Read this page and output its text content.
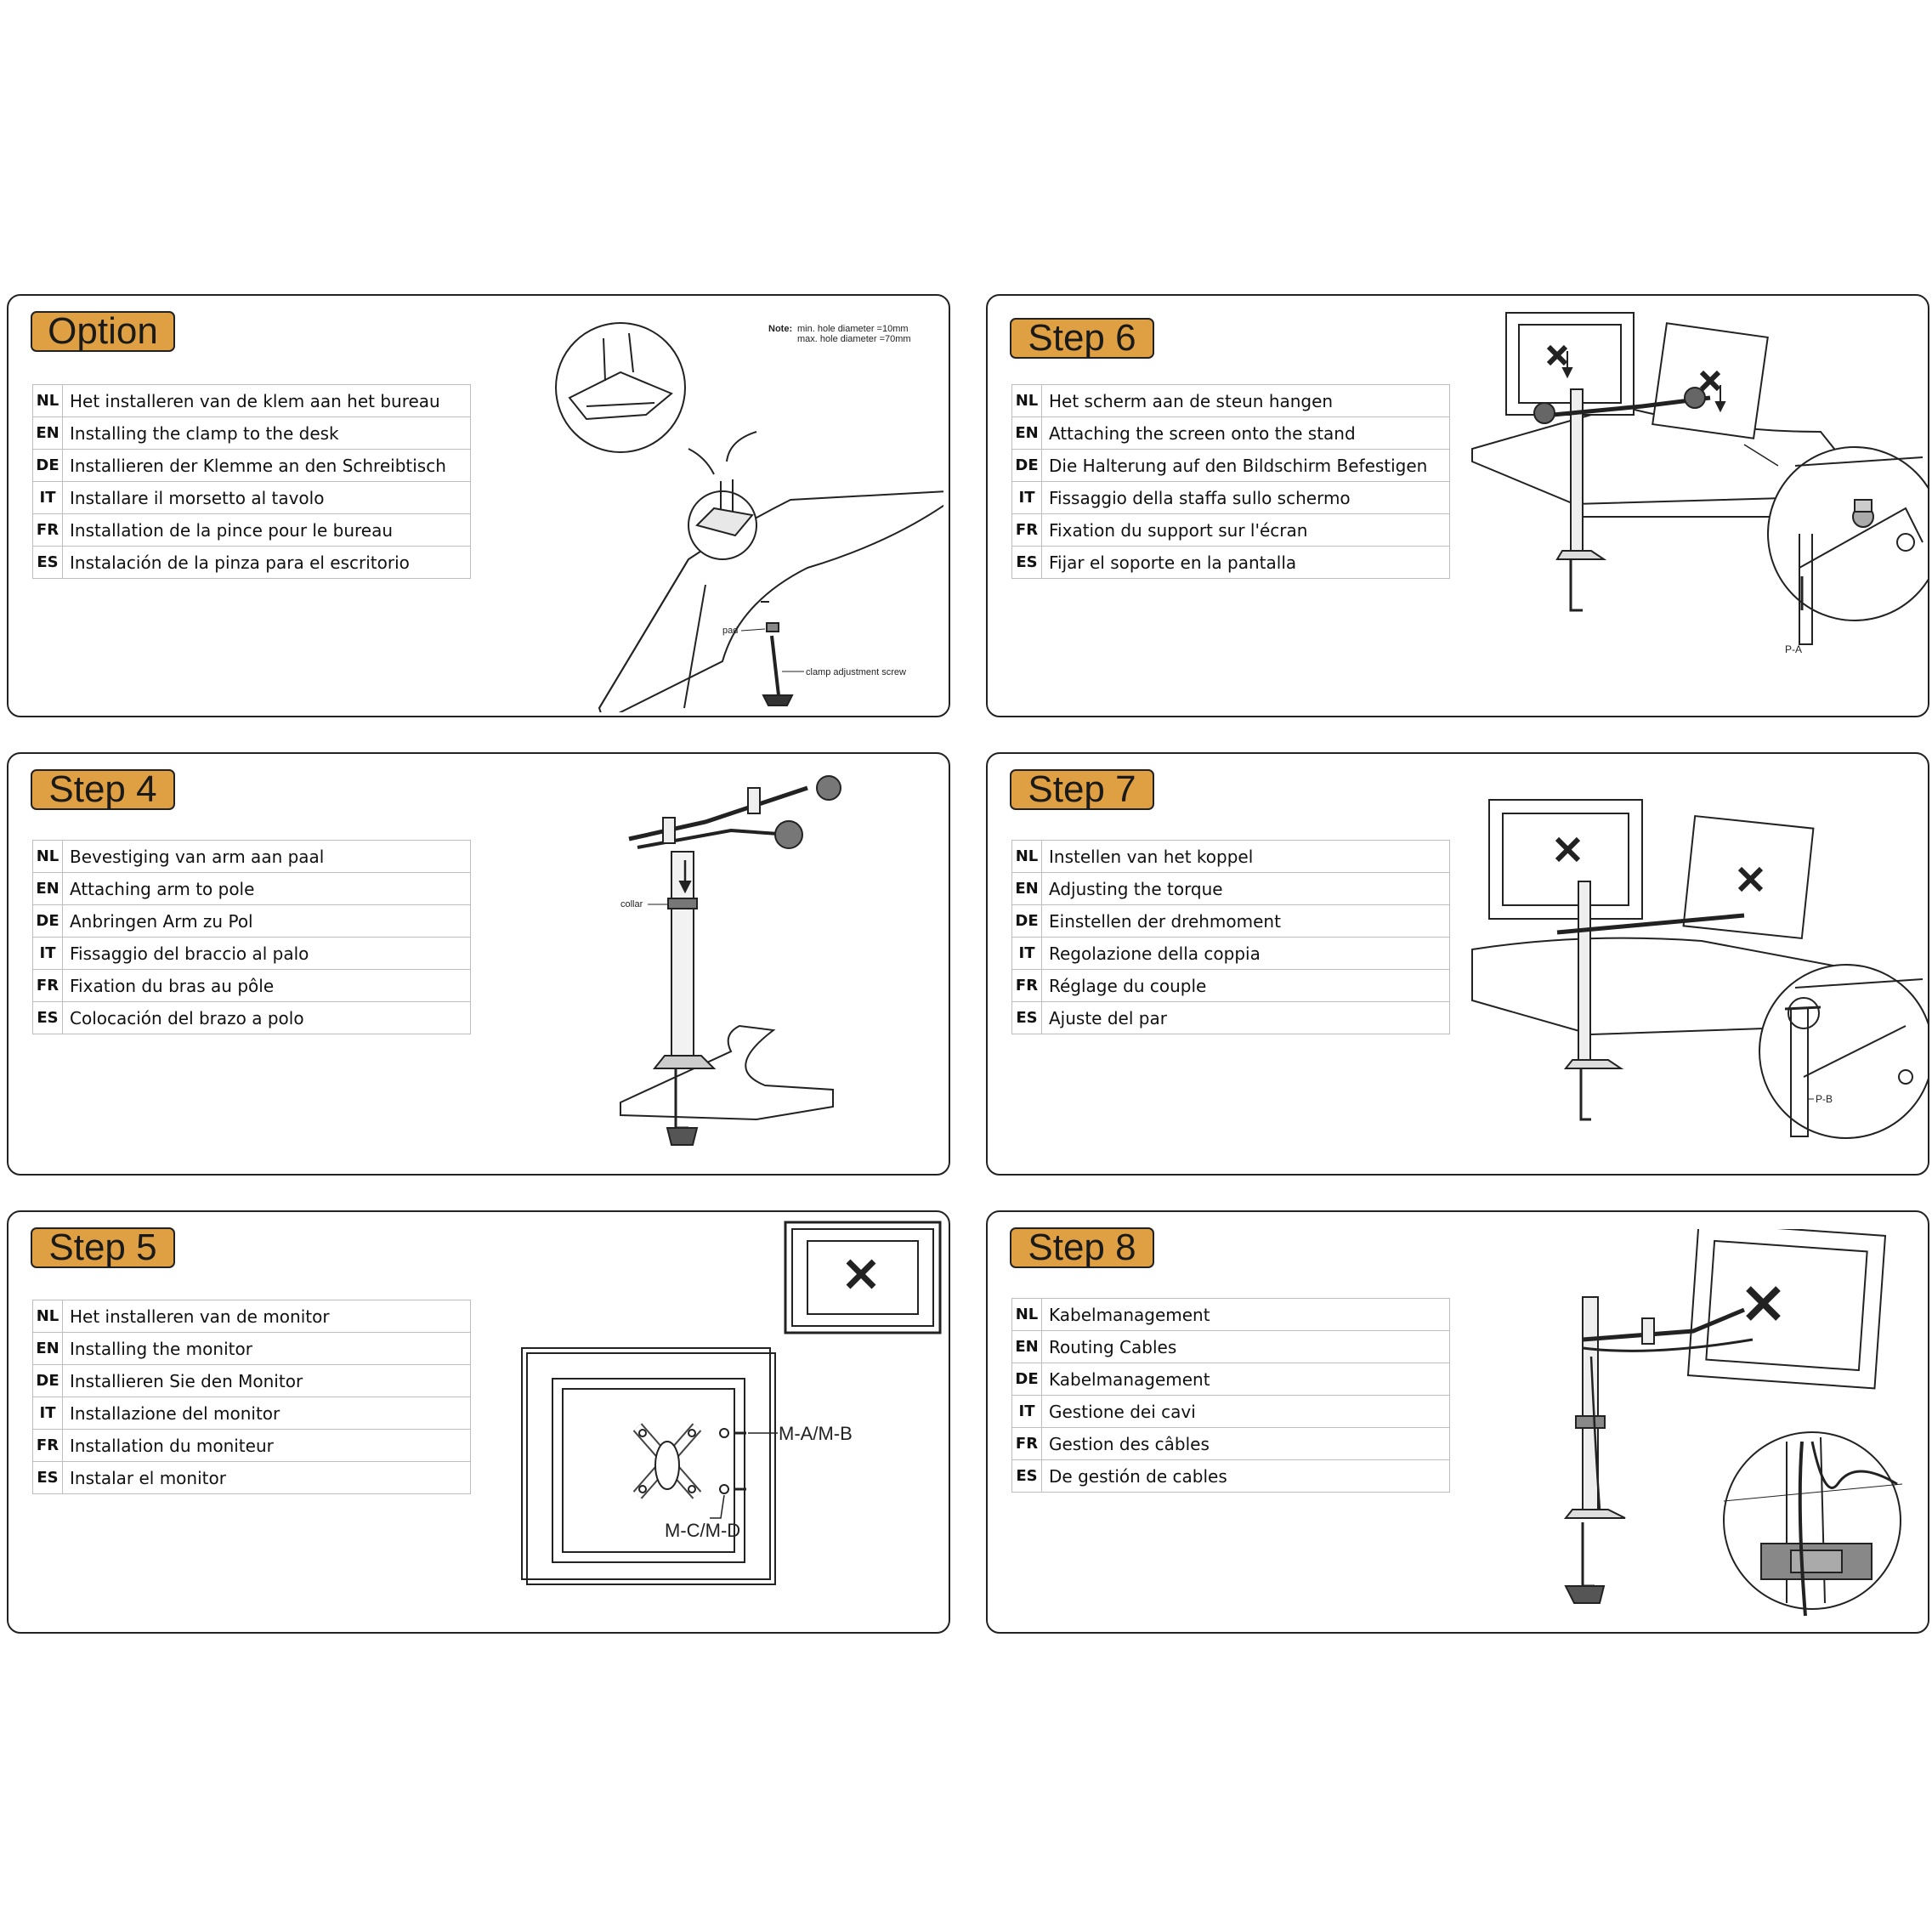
Option
NL	Het installeren van de klem aan het bureau
EN	Installing the clamp to the desk
DE	Installieren der Klemme an den Schreibtisch
IT	Installare il morsetto al tavolo
FR	Installation de la pince pour le bureau
ES	Instalación de la pinza para el escritorio
Note: min. hole diameter =10mm
max. hole diameter =70mm
pad
clamp adjustment screw
Step 6
NL	Het scherm aan de steun hangen
EN	Attaching the screen onto the stand
DE	Die Halterung auf den Bildschirm Befestigen
IT	Fissaggio della staffa sullo schermo
FR	Fixation du support sur l'écran
ES	Fijar el soporte en la pantalla
P-A
Step 4
NL	Bevestiging van arm aan paal
EN	Attaching arm to pole
DE	Anbringen Arm zu Pol
IT	Fissaggio del braccio al palo
FR	Fixation du bras au pôle
ES	Colocación del brazo a polo
collar
Step 7
NL	Instellen van het koppel
EN	Adjusting the torque
DE	Einstellen der drehmoment
IT	Regolazione della coppia
FR	Réglage du couple
ES	Ajuste del par
P-B
Step 5
NL	Het installeren van de monitor
EN	Installing the monitor
DE	Installieren Sie den Monitor
IT	Installazione del monitor
FR	Installation du moniteur
ES	Instalar el monitor
M-A/M-B
M-C/M-D
Step 8
NL	Kabelmanagement
EN	Routing Cables
DE	Kabelmanagement
IT	Gestione dei cavi
FR	Gestion des câbles
ES	De gestión de cables
